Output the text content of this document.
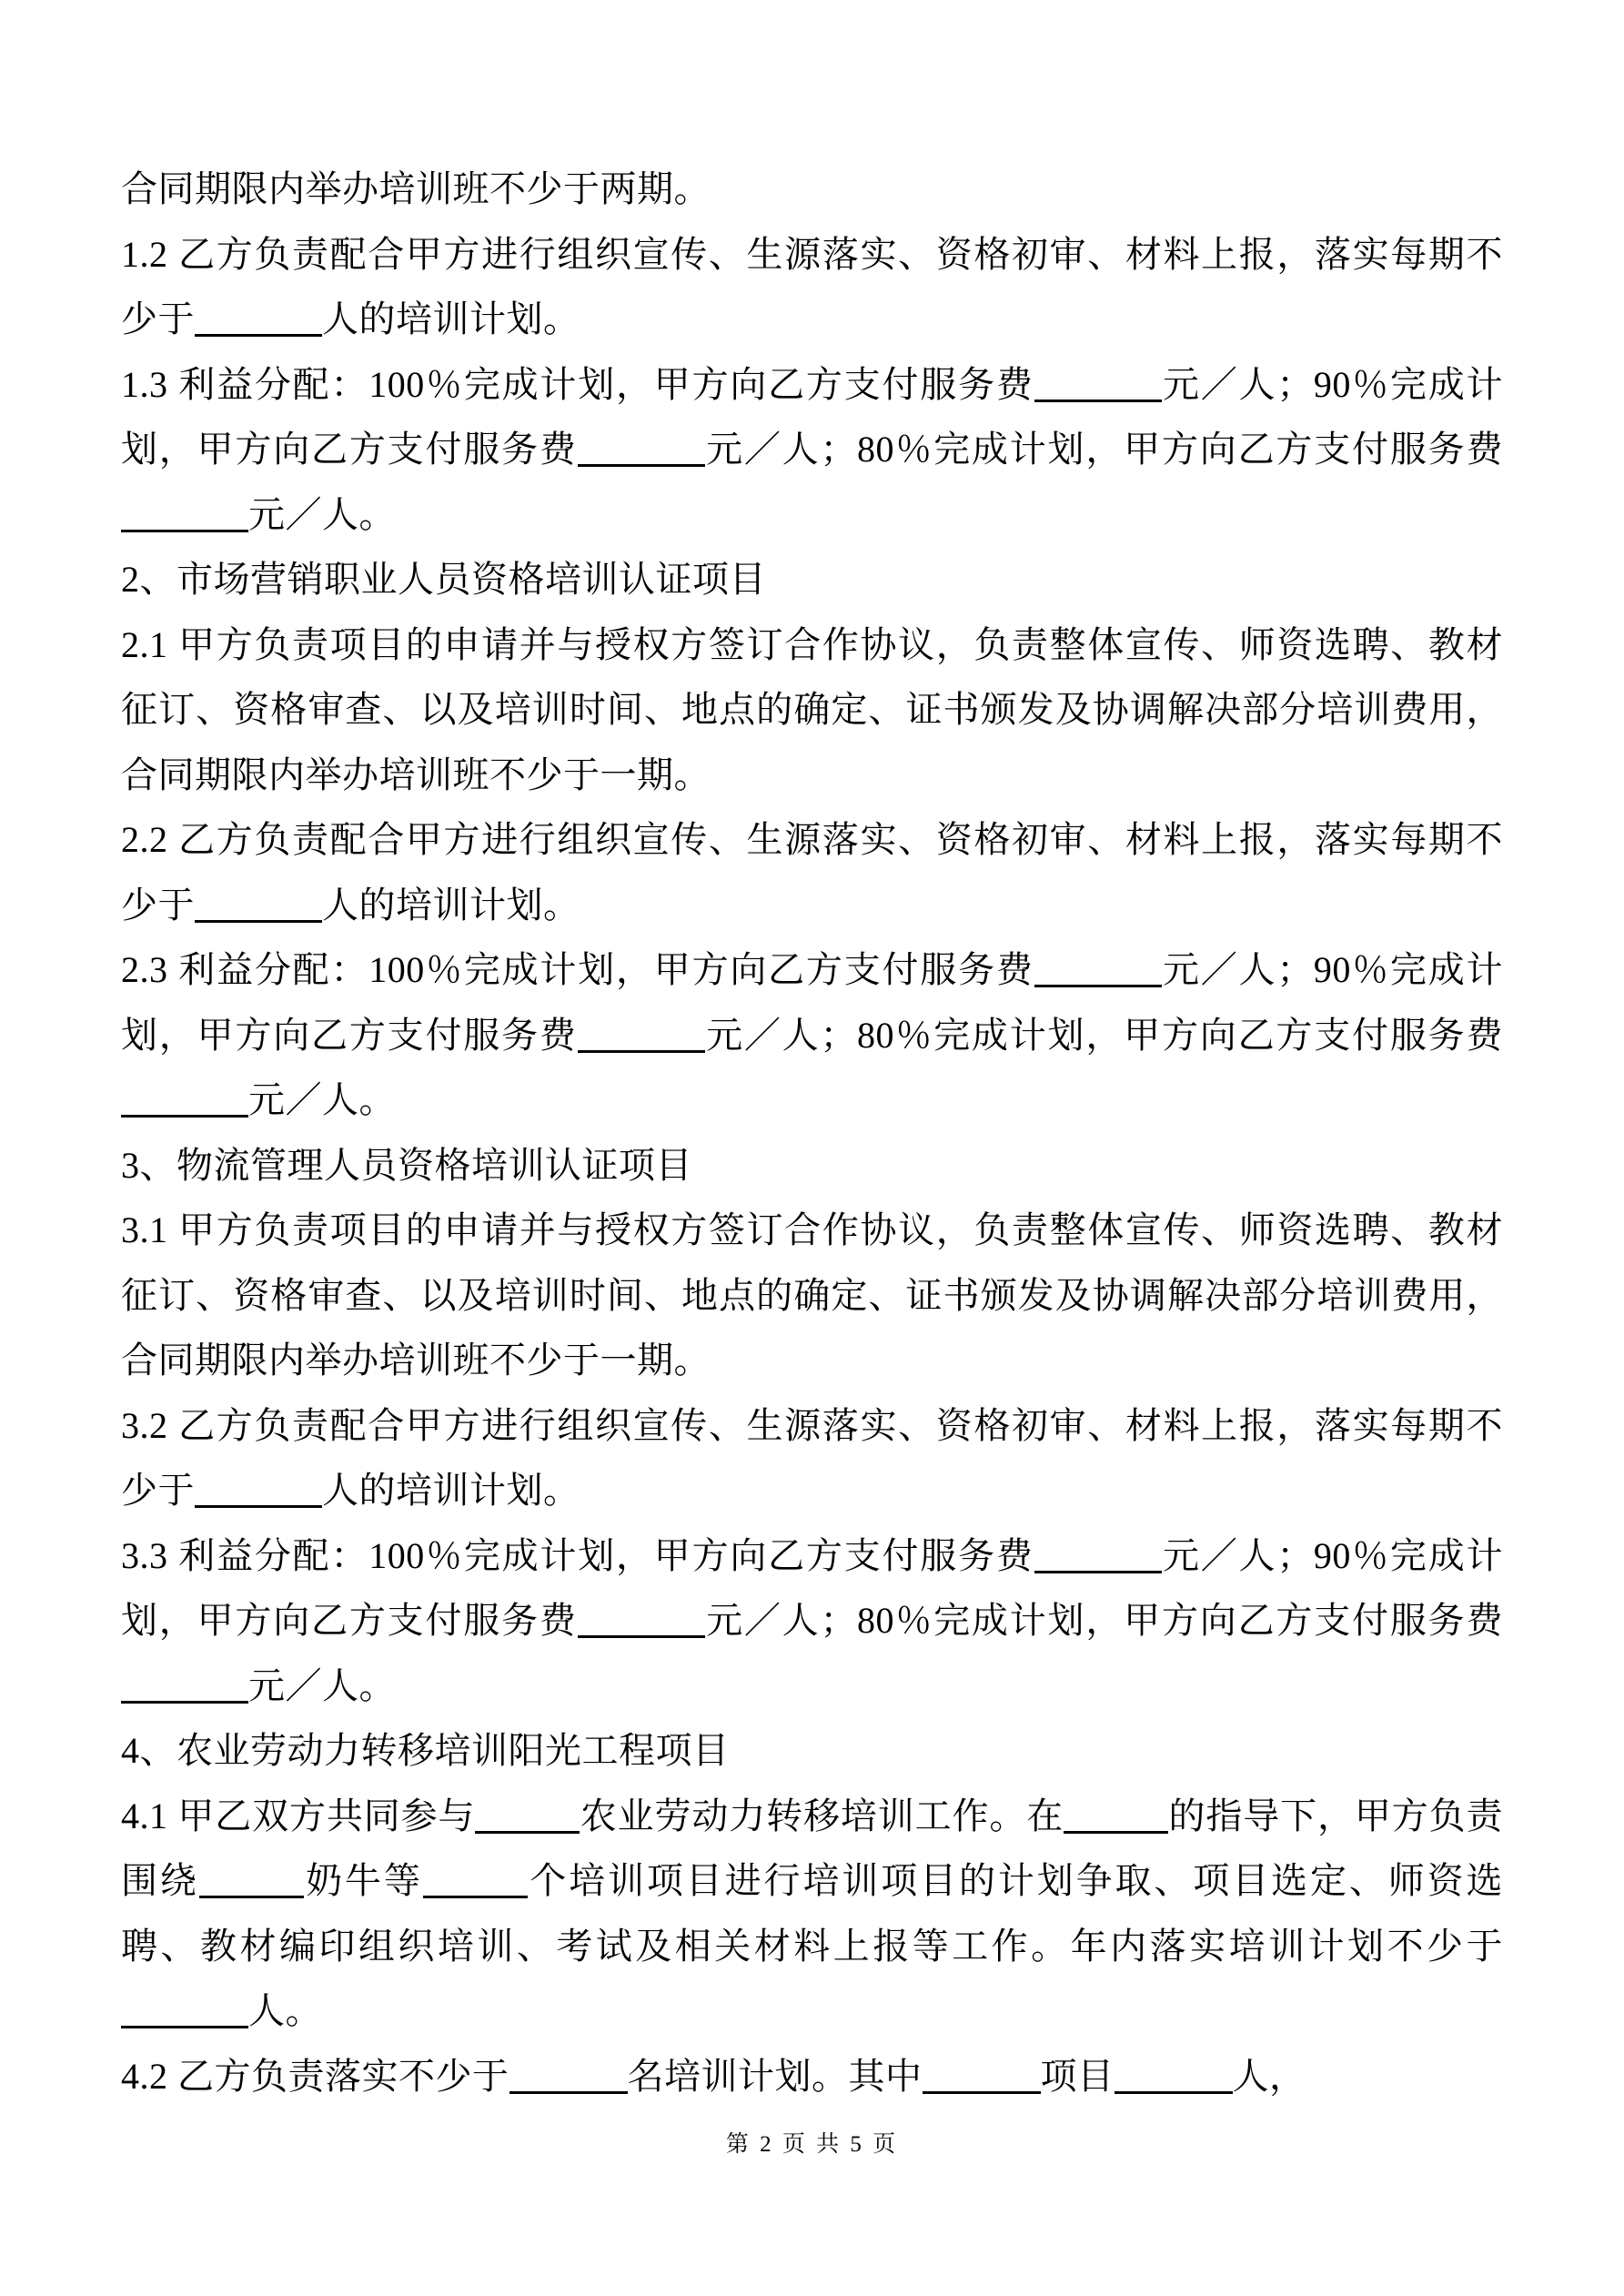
合同期限内举办培训班不少于两期。

1.2 乙方负责配合甲方进行组织宣传、生源落实、资格初审、材料上报，落实每期不少于	人的培训计划。

1.3 利益分配：100％完成计划，甲方向乙方支付服务费	元／人；90％完成计划，甲方向乙方支付服务费	元／人；80％完成计划，甲方向乙方支付服务费元／人。

2、市场营销职业人员资格培训认证项目

2.1 甲方负责项目的申请并与授权方签订合作协议，负责整体宣传、师资选聘、教材征订、资格审查、以及培训时间、地点的确定、证书颁发及协调解决部分培训费用，合同期限内举办培训班不少于一期。

2.2 乙方负责配合甲方进行组织宣传、生源落实、资格初审、材料上报，落实每期不少于	人的培训计划。

2.3 利益分配：100％完成计划，甲方向乙方支付服务费	元／人；90％完成计划，甲方向乙方支付服务费	元／人；80％完成计划，甲方向乙方支付服务费元／人。

3、物流管理人员资格培训认证项目

3.1 甲方负责项目的申请并与授权方签订合作协议，负责整体宣传、师资选聘、教材征订、资格审查、以及培训时间、地点的确定、证书颁发及协调解决部分培训费用，合同期限内举办培训班不少于一期。

3.2 乙方负责配合甲方进行组织宣传、生源落实、资格初审、材料上报，落实每期不少于	人的培训计划。

3.3 利益分配：100％完成计划，甲方向乙方支付服务费	元／人；90％完成计划，甲方向乙方支付服务费	元／人；80％完成计划，甲方向乙方支付服务费元／人。

4、农业劳动力转移培训阳光工程项目

4.1 甲乙双方共同参与	农业劳动力转移培训工作。在	的指导下，甲方负责围绕	奶牛等	个培训项目进行培训项目的计划争取、项目选定、师资选聘、教材编印组织培训、考试及相关材料上报等工作。年内落实培训计划不少于人。

4.2 乙方负责落实不少于	名培训计划。其中	项目	人，

第 2 页 共 5 页
